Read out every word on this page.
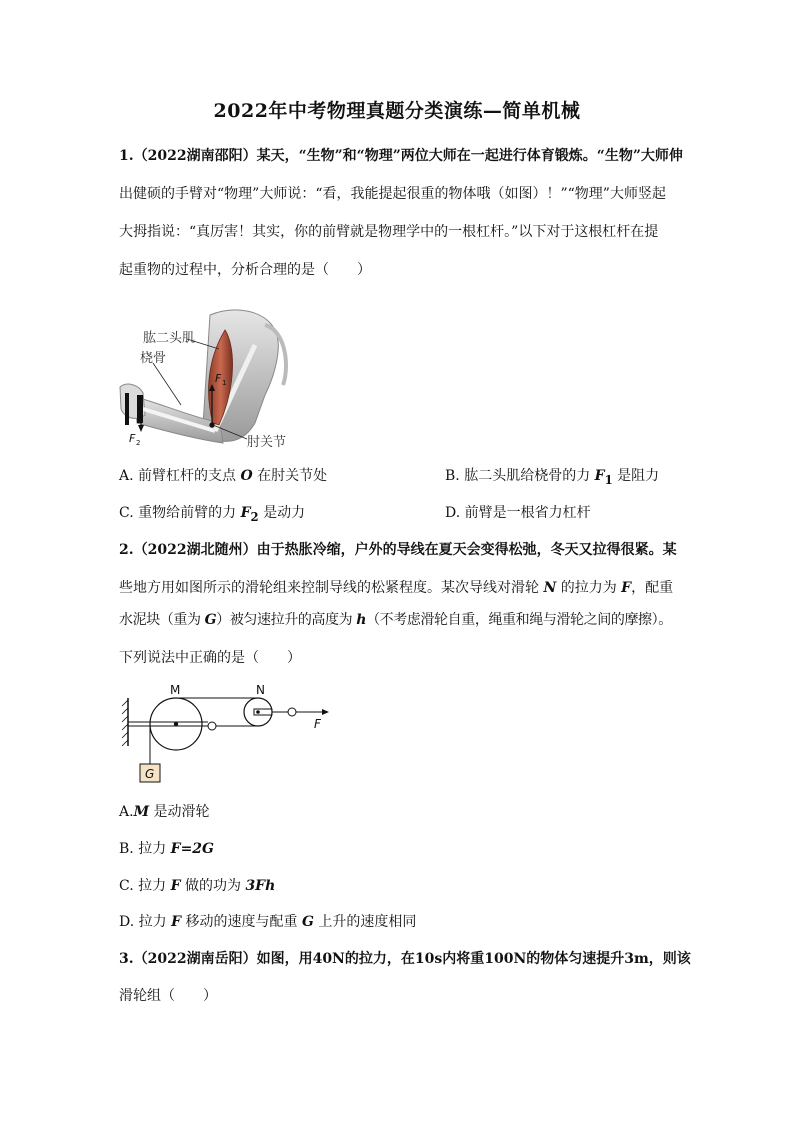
2022年中考物理真题分类演练—简单机械
1.（2022湖南邵阳）某天，“生物”和“物理”两位大师在一起进行体育锻炼。“生物”大师伸
出健硕的手臂对“物理”大师说：“看，我能提起很重的物体哦（如图）！”“物理”大师竖起
大拇指说：“真厉害！其实，你的前臂就是物理学中的一根杠杆。”以下对于这根杠杆在提
起重物的过程中，分析合理的是（　　）
肱二头肌
桡骨
肘关节
F 1
F 2
A. 前臂杠杆的支点 O 在肘关节处	B. 肱二头肌给桡骨的力 $F_1$ 是阻力
C. 重物给前臂的力 $F_2$ 是动力	D. 前臂是一根省力杠杆
2.（2022湖北随州）由于热胀冷缩，户外的导线在夏天会变得松弛，冬天又拉得很紧。某
些地方用如图所示的滑轮组来控制导线的松紧程度。某次导线对滑轮 N 的拉力为 F，配重
水泥块（重为 G）被匀速拉升的高度为 h（不考虑滑轮自重，绳重和绳与滑轮之间的摩擦）。
下列说法中正确的是（　　）
M	N
F
G
A.M 是动滑轮
B. 拉力 F=2G
C. 拉力 F 做的功为 3Fh
D. 拉力 F 移动的速度与配重 G 上升的速度相同
3.（2022湖南岳阳）如图，用40N的拉力，在10s内将重100N的物体匀速提升3m，则该
滑轮组（　　）
